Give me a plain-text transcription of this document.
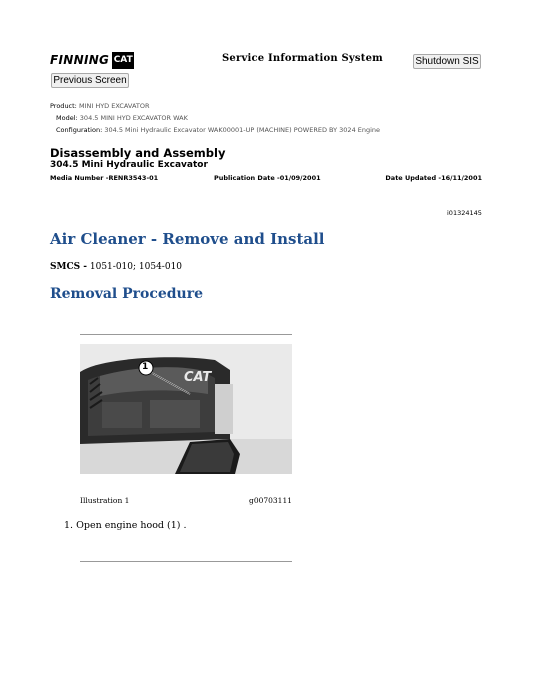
FINNING CAT	Service Information System	Shutdown SIS
Previous Screen
Product: MINI HYD EXCAVATOR
Model: 304.5 MINI HYD EXCAVATOR WAK
Configuration: 304.5 Mini Hydraulic Excavator WAK00001-UP (MACHINE) POWERED BY 3024 Engine
Disassembly and Assembly
304.5 Mini Hydraulic Excavator
Media Number -RENR3543-01	Publication Date -01/09/2001	Date Updated -16/11/2001
i01324145
Air Cleaner - Remove and Install
SMCS - 1051-010; 1054-010
Removal Procedure
1
CAT
Illustration 1	g00703111
1. Open engine hood (1) .
